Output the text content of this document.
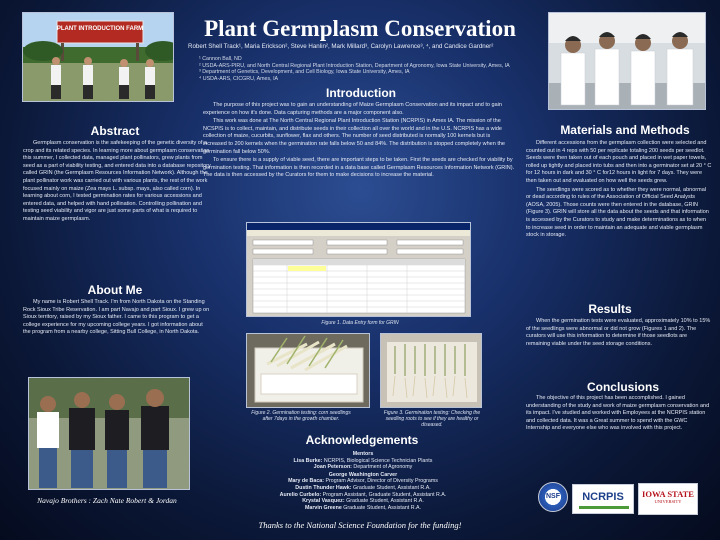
Plant Germplasm Conservation
Robert Shell Track¹, Maria Erickson², Steve Hanlin², Mark Millard³, Carolyn Lawrence³, ⁴, and Candice Gardner²
¹ Cannon Ball, ND
² USDA-ARS-PIRU, and North Central Regional Plant Introduction Station, Department of Agronomy, Iowa State University, Ames, IA
³ Department of Genetics, Development, and Cell Biology, Iowa State University, Ames, IA
⁴ USDA-ARS, CICGRU, Ames, IA
PLANT INTRODUCTION FARM
Introduction

The purpose of this project was to gain an understanding of Maize Germplasm Conservation and its impact and to gain experience on how it's done. Data capturing methods are a major component also.

This work was done at The North Central Regional Plant Introduction Station (NCRPIS) in Ames IA. The mission of the NCSPIS is to collect, maintain, and distribute seeds in their collection all over the world and in the U.S. NCRPIS has a wide collection of maize, cucurbits, sunflower, flax and others. The number of seed distributed is normally 100 kernels but is increased to 200 kernels when the germination rate falls below 50 and 84%. The distribution is stopped completely when the germination fall below 50%.

To ensure there is a supply of viable seed, there are important steps to be taken. First the seeds are checked for viability by germination testing. That information is then recorded in a data base called Germplasm Resources Information Network (GRIN). The data is then accessed by the Curators for them to make decisions to increase the material.

Abstract

Germplasm conservation is the safekeeping of the genetic diversity of a crop and its related species. In learning more about germplasm conservation this summer, I collected data, managed plant pollinators, grew plants from seed as a part of viability testing, and entered data into a database repository called GRIN (the Germplasm Resources Information Network). Although the plant pollinator work was carried out with various plants, the rest of the work focused mainly on maize (Zea mays L. subsp. mays, also called corn). In learning about corn, I tested germination rates for various accessions and entered data, and helped with hand pollination. Controlling pollination and testing seed viability and vigor are just some parts of what is required to maintain maize germplasm.

About Me

My name is Robert Shell Track. I'm from North Dakota on the Standing Rock Sioux Tribe Reservation. I am part Navajo and part Sioux. I grew up on Sioux territory, raised by my Sioux father. I came to this program to get a college experience for my upcoming college years. I got information about the program from a nearby college, Sitting Bull College, in North Dakota.

Navajo Brothers : Zach Nate Robert & Jordan
Figure 1. Data Entry form for GRIN
Figure 2. Germination testing: corn seedlings after 7days in the growth chamber.
Figure 3. Germination testing: Checking the seedling roots to see if they are healthy or diseased.
Acknowledgements
Mentors
Lisa Burke: NCRPIS, Biological Science Technician Plants
Joan Peterson: Department of Agronomy
George Washington Carver
Mary de Baca: Program Advisor, Director of Diversity Programs
Dustin Thunder Hawk: Graduate Student, Assistant R.A.
Aurelio Curbelo: Program Assistant, Graduate Student, Assistant R.A.
Krystal Vasquez: Graduate Student, Assistant R.A.
Marvin Greene Graduate Student, Assistant R.A.
Materials and Methods

Different accessions from the germplasm collection were selected and counted out in 4 reps with 50 per replicate totaling 200 seeds per seedlot. Seeds were then taken out of each pouch and placed in wet paper towels, rolled up tightly and placed into tubs and then into a germinator set at 20 ° C for 12 hours in dark and 30 ° C for12 hours in light for 7 days. They were then taken out and evaluated on how well the seeds grew.

The seedlings were scored as to whether they were normal, abnormal or dead according to rules of the Association of Official Seed Analysts (AOSA, 2005). Those counts were then entered in the database, GRIN (Figure 3). GRIN will store all the data about the seeds and that information is accessed by the Curators to study and make determinations as to when to increase seed in order to maintain an adequate and viable germplasm stock in storage.

Results

When the germination tests were evaluated, approximately 10% to 15% of the seedlings were abnormal or did not grow (Figures 1 and 2). The curators will use this information to determine if those seedlots are remaining viable under the seed storage conditions.

Conclusions

The objective of this project has been accomplished. I gained understanding of the study and work of maize germplasm conservation and its impact. I've studied and worked with Employees at the NCRPIS station and collected data. It was a Great summer to spend with the GWC Internship and everyone else who was involved with this project.

NSF	NCRPIS	IOWA STATE
UNIVERSITY
Thanks to the National Science Foundation for the funding!
